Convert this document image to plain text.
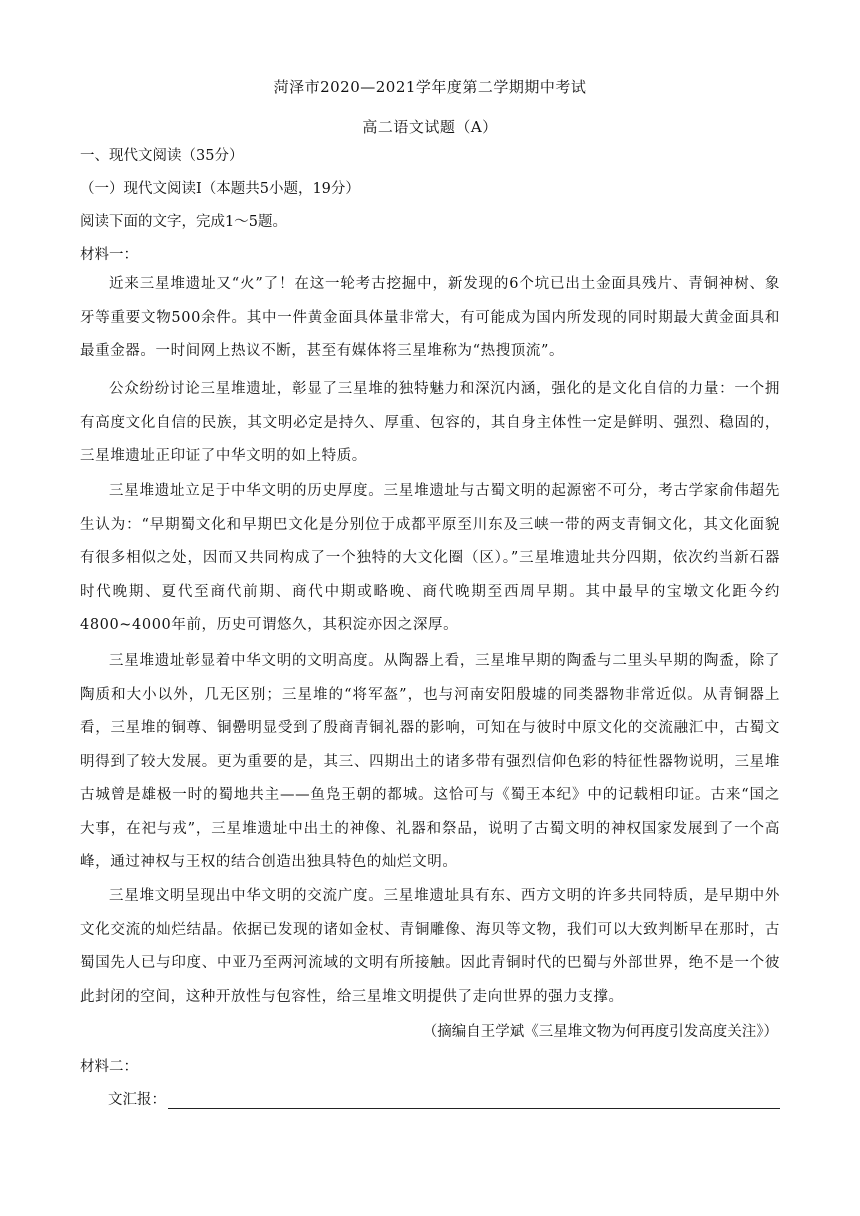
菏泽市2020—2021学年度第二学期期中考试
高二语文试题（A）
一、现代文阅读（35分）
（一）现代文阅读Ⅰ（本题共5小题，19分）
阅读下面的文字，完成1～5题。
材料一：
近来三星堆遗址又“火”了！在这一轮考古挖掘中，新发现的6个坑已出土金面具残片、青铜神树、象牙等重要文物500余件。其中一件黄金面具体量非常大，有可能成为国内所发现的同时期最大黄金面具和最重金器。一时间网上热议不断，甚至有媒体将三星堆称为“热搜顶流”。
公众纷纷讨论三星堆遗址，彰显了三星堆的独特魅力和深沉内涵，强化的是文化自信的力量：一个拥有高度文化自信的民族，其文明必定是持久、厚重、包容的，其自身主体性一定是鲜明、强烈、稳固的，三星堆遗址正印证了中华文明的如上特质。
三星堆遗址立足于中华文明的历史厚度。三星堆遗址与古蜀文明的起源密不可分，考古学家俞伟超先生认为：“早期蜀文化和早期巴文化是分别位于成都平原至川东及三峡一带的两支青铜文化，其文化面貌有很多相似之处，因而又共同构成了一个独特的大文化圈（区）。”三星堆遗址共分四期，依次约当新石器时代晚期、夏代至商代前期、商代中期或略晚、商代晚期至西周早期。其中最早的宝墩文化距今约4800~4000年前，历史可谓悠久，其积淀亦因之深厚。
三星堆遗址彰显着中华文明的文明高度。从陶器上看，三星堆早期的陶盉与二里头早期的陶盉，除了陶质和大小以外，几无区别；三星堆的“将军盔”，也与河南安阳殷墟的同类器物非常近似。从青铜器上看，三星堆的铜尊、铜罍明显受到了殷商青铜礼器的影响，可知在与彼时中原文化的交流融汇中，古蜀文明得到了较大发展。更为重要的是，其三、四期出土的诸多带有强烈信仰色彩的特征性器物说明，三星堆古城曾是雄极一时的蜀地共主——鱼凫王朝的都城。这恰可与《蜀王本纪》中的记载相印证。古来“国之大事，在祀与戎”，三星堆遗址中出土的神像、礼器和祭品，说明了古蜀文明的神权国家发展到了一个高峰，通过神权与王权的结合创造出独具特色的灿烂文明。
三星堆文明呈现出中华文明的交流广度。三星堆遗址具有东、西方文明的许多共同特质，是早期中外文化交流的灿烂结晶。依据已发现的诸如金杖、青铜雕像、海贝等文物，我们可以大致判断早在那时，古蜀国先人已与印度、中亚乃至两河流域的文明有所接触。因此青铜时代的巴蜀与外部世界，绝不是一个彼此封闭的空间，这种开放性与包容性，给三星堆文明提供了走向世界的强力支撑。
（摘编自王学斌《三星堆文物为何再度引发高度关注》）
材料二：
文汇报：
